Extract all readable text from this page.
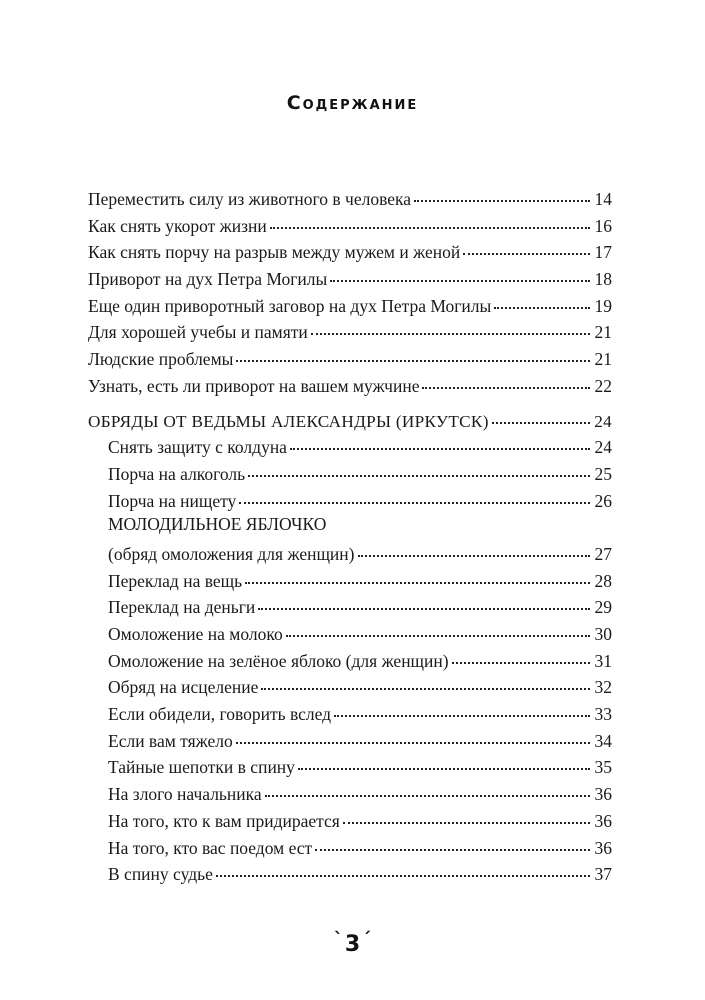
Содержание
Переместить силу из животного в человека	14
Как снять укорот жизни	16
Как снять порчу на разрыв между мужем и женой	17
Приворот на дух Петра Могилы	18
Еще один приворотный заговор на дух Петра Могилы	19
Для хорошей учебы и памяти	21
Людские проблемы	21
Узнать, есть ли приворот на вашем мужчине	22
ОБРЯДЫ ОТ ВЕДЬМЫ АЛЕКСАНДРЫ (ИРКУТСК)	24
Снять защиту с колдуна	24
Порча на алкоголь	25
Порча на нищету	26
МОЛОДИЛЬНОЕ ЯБЛОЧКО
(обряд омоложения для женщин)	27
Переклад на вещь	28
Переклад на деньги	29
Омоложение на молоко	30
Омоложение на зелёное яблоко (для женщин)	31
Обряд на исцеление	32
Если обидели, говорить вслед	33
Если вам тяжело	34
Тайные шепотки в спину	35
На злого начальника	36
На того, кто к вам придирается	36
На того, кто вас поедом ест	36
В спину судье	37
`3 ´
